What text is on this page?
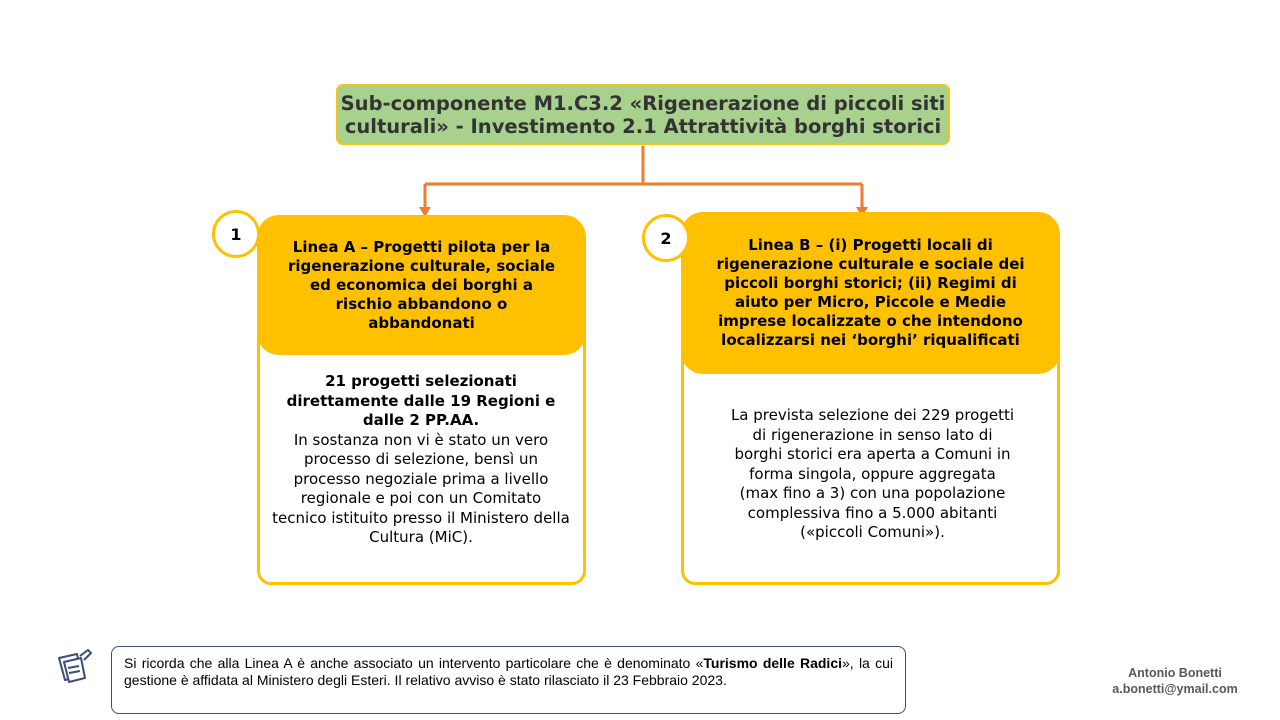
Sub-componente M1.C3.2 «Rigenerazione di piccoli siti
culturali» - Investimento 2.1 Attrattività borghi storici
Linea A – Progetti pilota per la rigenerazione culturale, sociale ed economica dei borghi a rischio abbandono o abbandonati
21 progetti selezionati direttamente dalle 19 Regioni e dalle 2 PP.AA.
In sostanza non vi è stato un vero processo di selezione, bensì un processo negoziale prima a livello regionale e poi con un Comitato tecnico istituito presso il Ministero della Cultura (MiC).
1
Linea B – (i) Progetti locali di rigenerazione culturale e sociale dei piccoli borghi storici; (ii) Regimi di aiuto per Micro, Piccole e Medie imprese localizzate o che intendono localizzarsi nei ‘borghi’ riqualificati
La prevista selezione dei 229 progetti di rigenerazione in senso lato di borghi storici era aperta a Comuni in forma singola, oppure aggregata (max fino a 3) con una popolazione complessiva fino a 5.000 abitanti («piccoli Comuni»).
2
Si ricorda che alla Linea A è anche associato un intervento particolare che è denominato «Turismo delle Radici», la cui gestione è affidata al Ministero degli Esteri. Il relativo avviso è stato rilasciato il 23 Febbraio 2023.	Antonio Bonetti
a.bonetti@ymail.com
